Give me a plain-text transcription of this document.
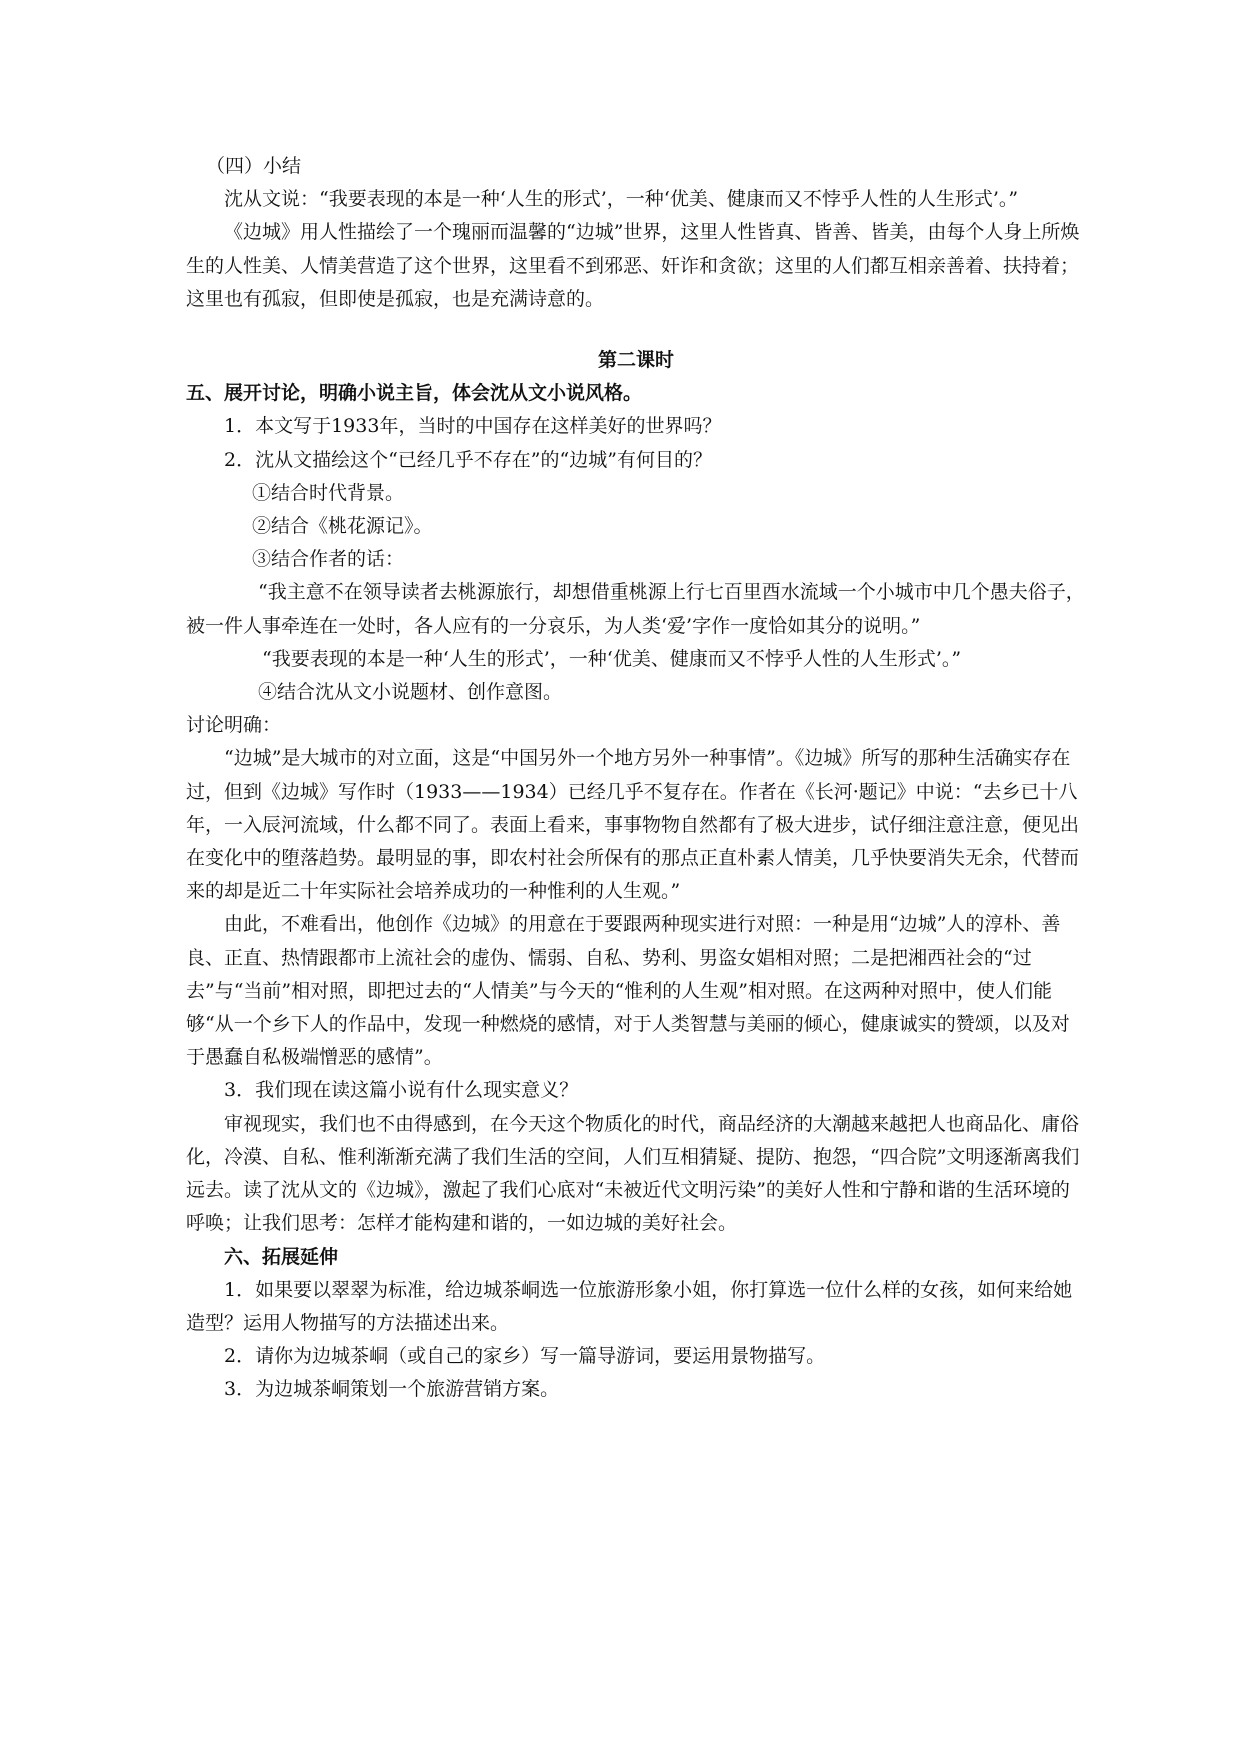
（四）小结

沈从文说：“我要表现的本是一种‘人生的形式’，一种‘优美、健康而又不悖乎人性的人生形式’。”

《边城》用人性描绘了一个瑰丽而温馨的“边城”世界，这里人性皆真、皆善、皆美，由每个人身上所焕生的人性美、人情美营造了这个世界，这里看不到邪恶、奸诈和贪欲；这里的人们都互相亲善着、扶持着；这里也有孤寂，但即使是孤寂，也是充满诗意的。

第二课时

五、展开讨论，明确小说主旨，体会沈从文小说风格。

1．本文写于1933年，当时的中国存在这样美好的世界吗？

2．沈从文描绘这个“已经几乎不存在”的“边城”有何目的？

①结合时代背景。

②结合《桃花源记》。

③结合作者的话：

“我主意不在领导读者去桃源旅行，却想借重桃源上行七百里酉水流域一个小城市中几个愚夫俗子，被一件人事牵连在一处时，各人应有的一分哀乐，为人类‘爱’字作一度恰如其分的说明。”

“我要表现的本是一种‘人生的形式’，一种‘优美、健康而又不悖乎人性的人生形式’。”

④结合沈从文小说题材、创作意图。

讨论明确：

“边城”是大城市的对立面，这是“中国另外一个地方另外一种事情”。《边城》所写的那种生活确实存在过，但到《边城》写作时（1933——1934）已经几乎不复存在。作者在《长河·题记》中说：“去乡已十八年，一入辰河流域，什么都不同了。表面上看来，事事物物自然都有了极大进步，试仔细注意注意，便见出在变化中的堕落趋势。最明显的事，即农村社会所保有的那点正直朴素人情美，几乎快要消失无余，代替而来的却是近二十年实际社会培养成功的一种惟利的人生观。”

由此，不难看出，他创作《边城》的用意在于要跟两种现实进行对照：一种是用“边城”人的淳朴、善良、正直、热情跟都市上流社会的虚伪、懦弱、自私、势利、男盗女娼相对照；二是把湘西社会的“过去”与“当前”相对照，即把过去的“人情美”与今天的“惟利的人生观”相对照。在这两种对照中，使人们能够“从一个乡下人的作品中，发现一种燃烧的感情，对于人类智慧与美丽的倾心，健康诚实的赞颂，以及对于愚蠢自私极端憎恶的感情”。

3．我们现在读这篇小说有什么现实意义？

审视现实，我们也不由得感到，在今天这个物质化的时代，商品经济的大潮越来越把人也商品化、庸俗化，冷漠、自私、惟利渐渐充满了我们生活的空间，人们互相猜疑、提防、抱怨，“四合院”文明逐渐离我们远去。读了沈从文的《边城》，激起了我们心底对“未被近代文明污染”的美好人性和宁静和谐的生活环境的呼唤；让我们思考：怎样才能构建和谐的，一如边城的美好社会。

六、拓展延伸

1．如果要以翠翠为标准，给边城茶峒选一位旅游形象小姐，你打算选一位什么样的女孩，如何来给她造型？运用人物描写的方法描述出来。

2．请你为边城茶峒（或自己的家乡）写一篇导游词，要运用景物描写。

3．为边城茶峒策划一个旅游营销方案。
